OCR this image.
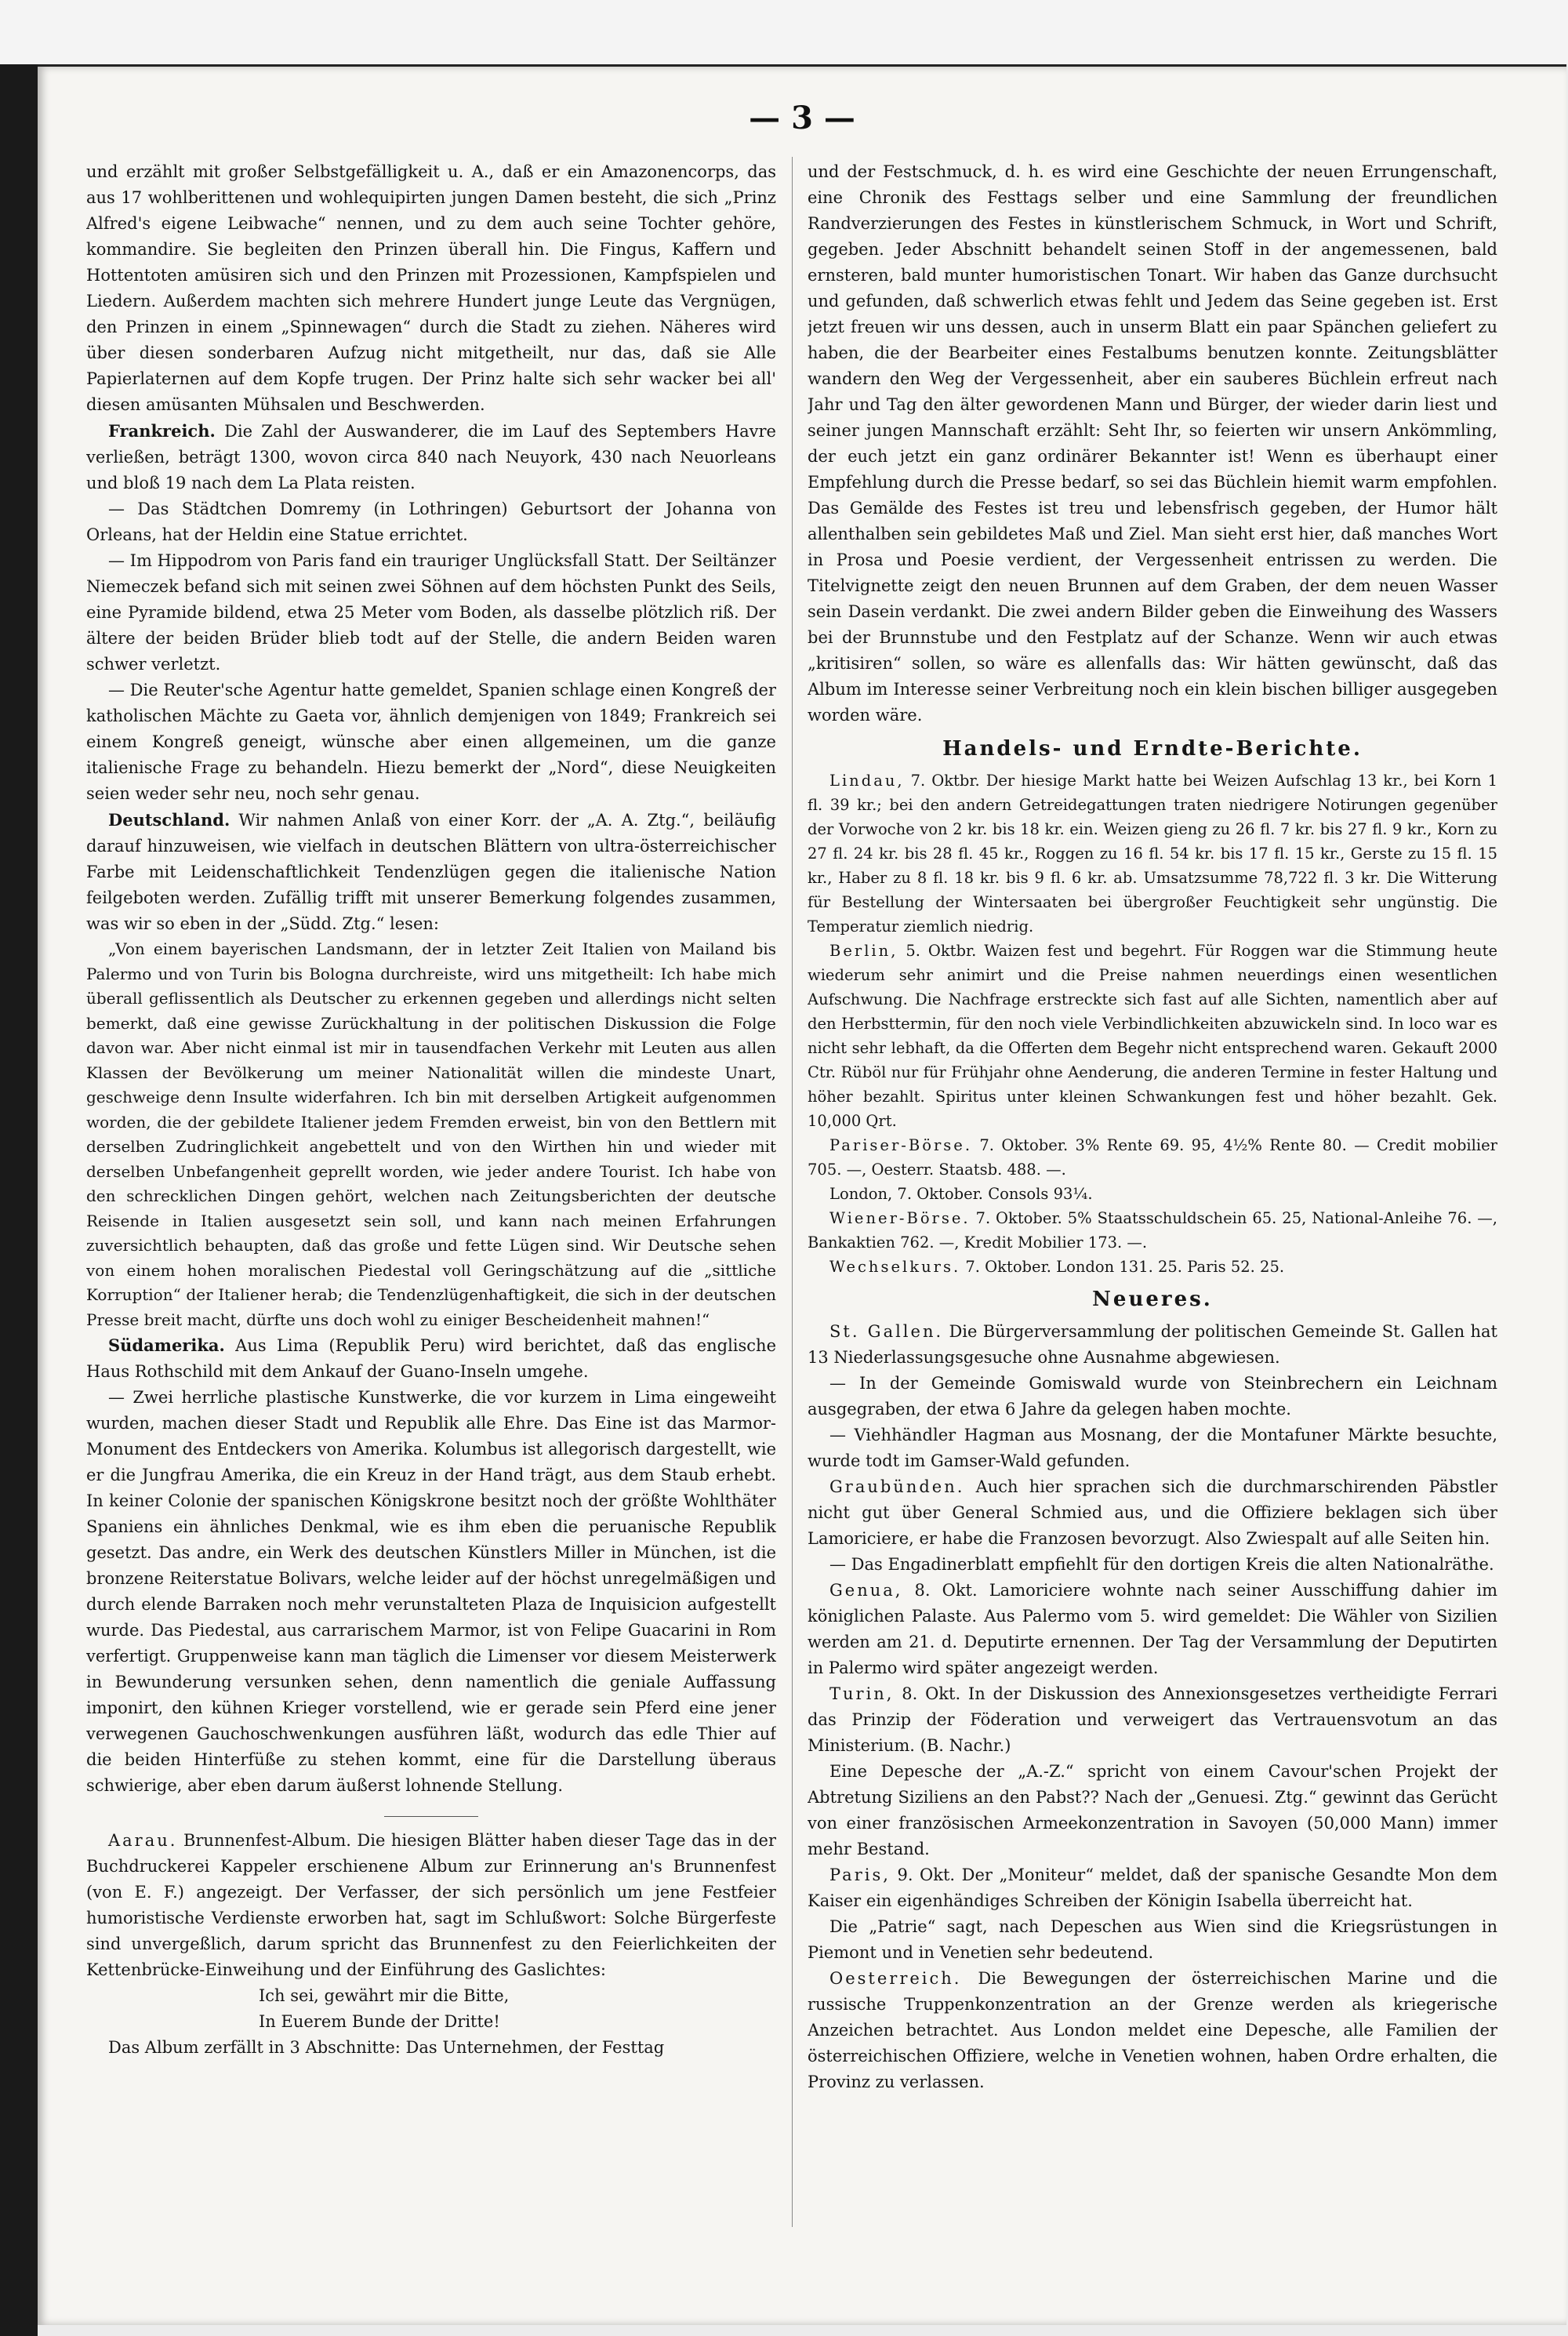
— 3 —

und erzählt mit großer Selbstgefälligkeit u. A., daß er ein Amazonencorps, das aus 17 wohlberittenen und wohlequipirten jungen Damen besteht, die sich „Prinz Alfred's eigene Leibwache“ nennen, und zu dem auch seine Tochter gehöre, kommandire. Sie begleiten den Prinzen überall hin. Die Fingus, Kaffern und Hottentoten amüsiren sich und den Prinzen mit Prozessionen, Kampfspielen und Liedern. Außerdem machten sich mehrere Hundert junge Leute das Vergnügen, den Prinzen in einem „Spinnewagen“ durch die Stadt zu ziehen. Näheres wird über diesen sonderbaren Aufzug nicht mitgetheilt, nur das, daß sie Alle Papierlaternen auf dem Kopfe trugen. Der Prinz halte sich sehr wacker bei all' diesen amüsanten Mühsalen und Beschwerden.

Frankreich. Die Zahl der Auswanderer, die im Lauf des Septembers Havre verließen, beträgt 1300, wovon circa 840 nach Neuyork, 430 nach Neuorleans und bloß 19 nach dem La Plata reisten.

— Das Städtchen Domremy (in Lothringen) Geburtsort der Johanna von Orleans, hat der Heldin eine Statue errichtet.

— Im Hippodrom von Paris fand ein trauriger Unglücksfall Statt. Der Seiltänzer Niemeczek befand sich mit seinen zwei Söhnen auf dem höchsten Punkt des Seils, eine Pyramide bildend, etwa 25 Meter vom Boden, als dasselbe plötzlich riß. Der ältere der beiden Brüder blieb todt auf der Stelle, die andern Beiden waren schwer verletzt.

— Die Reuter'sche Agentur hatte gemeldet, Spanien schlage einen Kongreß der katholischen Mächte zu Gaeta vor, ähnlich demjenigen von 1849; Frankreich sei einem Kongreß geneigt, wünsche aber einen allgemeinen, um die ganze italienische Frage zu behandeln. Hiezu bemerkt der „Nord“, diese Neuigkeiten seien weder sehr neu, noch sehr genau.

Deutschland. Wir nahmen Anlaß von einer Korr. der „A. A. Ztg.“, beiläufig darauf hinzuweisen, wie vielfach in deutschen Blättern von ultra-österreichischer Farbe mit Leidenschaftlichkeit Tendenzlügen gegen die italienische Nation feilgeboten werden. Zufällig trifft mit unserer Bemerkung folgendes zusammen, was wir so eben in der „Südd. Ztg.“ lesen:

„Von einem bayerischen Landsmann, der in letzter Zeit Italien von Mailand bis Palermo und von Turin bis Bologna durchreiste, wird uns mitgetheilt: Ich habe mich überall geflissentlich als Deutscher zu erkennen gegeben und allerdings nicht selten bemerkt, daß eine gewisse Zurückhaltung in der politischen Diskussion die Folge davon war. Aber nicht einmal ist mir in tausendfachen Verkehr mit Leuten aus allen Klassen der Bevölkerung um meiner Nationalität willen die mindeste Unart, geschweige denn Insulte widerfahren. Ich bin mit derselben Artigkeit aufgenommen worden, die der gebildete Italiener jedem Fremden erweist, bin von den Bettlern mit derselben Zudringlichkeit angebettelt und von den Wirthen hin und wieder mit derselben Unbefangenheit geprellt worden, wie jeder andere Tourist. Ich habe von den schrecklichen Dingen gehört, welchen nach Zeitungsberichten der deutsche Reisende in Italien ausgesetzt sein soll, und kann nach meinen Erfahrungen zuversichtlich behaupten, daß das große und fette Lügen sind. Wir Deutsche sehen von einem hohen moralischen Piedestal voll Geringschätzung auf die „sittliche Korruption“ der Italiener herab; die Tendenzlügenhaftigkeit, die sich in der deutschen Presse breit macht, dürfte uns doch wohl zu einiger Bescheidenheit mahnen!“

Südamerika. Aus Lima (Republik Peru) wird berichtet, daß das englische Haus Rothschild mit dem Ankauf der Guano-Inseln umgehe.

— Zwei herrliche plastische Kunstwerke, die vor kurzem in Lima eingeweiht wurden, machen dieser Stadt und Republik alle Ehre. Das Eine ist das Marmor-Monument des Entdeckers von Amerika. Kolumbus ist allegorisch dargestellt, wie er die Jungfrau Amerika, die ein Kreuz in der Hand trägt, aus dem Staub erhebt. In keiner Colonie der spanischen Königskrone besitzt noch der größte Wohlthäter Spaniens ein ähnliches Denkmal, wie es ihm eben die peruanische Republik gesetzt. Das andre, ein Werk des deutschen Künstlers Miller in München, ist die bronzene Reiterstatue Bolivars, welche leider auf der höchst unregelmäßigen und durch elende Barraken noch mehr verunstalteten Plaza de Inquisicion aufgestellt wurde. Das Piedestal, aus carrarischem Marmor, ist von Felipe Guacarini in Rom verfertigt. Gruppenweise kann man täglich die Limenser vor diesem Meisterwerk in Bewunderung versunken sehen, denn namentlich die geniale Auffassung imponirt, den kühnen Krieger vorstellend, wie er gerade sein Pferd eine jener verwegenen Gauchoschwenkungen ausführen läßt, wodurch das edle Thier auf die beiden Hinterfüße zu stehen kommt, eine für die Darstellung überaus schwierige, aber eben darum äußerst lohnende Stellung.

Aarau. Brunnenfest-Album. Die hiesigen Blätter haben dieser Tage das in der Buchdruckerei Kappeler erschienene Album zur Erinnerung an's Brunnenfest (von E. F.) angezeigt. Der Verfasser, der sich persönlich um jene Festfeier humoristische Verdienste erworben hat, sagt im Schlußwort: Solche Bürgerfeste sind unvergeßlich, darum spricht das Brunnenfest zu den Feierlichkeiten der Kettenbrücke-Einweihung und der Einführung des Gaslichtes:

Ich sei, gewährt mir die Bitte,

In Euerem Bunde der Dritte!

Das Album zerfällt in 3 Abschnitte: Das Unternehmen, der Festtag

und der Festschmuck, d. h. es wird eine Geschichte der neuen Errungenschaft, eine Chronik des Festtags selber und eine Sammlung der freundlichen Randverzierungen des Festes in künstlerischem Schmuck, in Wort und Schrift, gegeben. Jeder Abschnitt behandelt seinen Stoff in der angemessenen, bald ernsteren, bald munter humoristischen Tonart. Wir haben das Ganze durchsucht und gefunden, daß schwerlich etwas fehlt und Jedem das Seine gegeben ist. Erst jetzt freuen wir uns dessen, auch in unserm Blatt ein paar Spänchen geliefert zu haben, die der Bearbeiter eines Festalbums benutzen konnte. Zeitungsblätter wandern den Weg der Vergessenheit, aber ein sauberes Büchlein erfreut nach Jahr und Tag den älter gewordenen Mann und Bürger, der wieder darin liest und seiner jungen Mannschaft erzählt: Seht Ihr, so feierten wir unsern Ankömmling, der euch jetzt ein ganz ordinärer Bekannter ist! Wenn es überhaupt einer Empfehlung durch die Presse bedarf, so sei das Büchlein hiemit warm empfohlen. Das Gemälde des Festes ist treu und lebensfrisch gegeben, der Humor hält allenthalben sein gebildetes Maß und Ziel. Man sieht erst hier, daß manches Wort in Prosa und Poesie verdient, der Vergessenheit entrissen zu werden. Die Titelvignette zeigt den neuen Brunnen auf dem Graben, der dem neuen Wasser sein Dasein verdankt. Die zwei andern Bilder geben die Einweihung des Wassers bei der Brunnstube und den Festplatz auf der Schanze. Wenn wir auch etwas „kritisiren“ sollen, so wäre es allenfalls das: Wir hätten gewünscht, daß das Album im Interesse seiner Verbreitung noch ein klein bischen billiger ausgegeben worden wäre.

Handels- und Erndte-Berichte.

Lindau, 7. Oktbr. Der hiesige Markt hatte bei Weizen Aufschlag 13 kr., bei Korn 1 fl. 39 kr.; bei den andern Getreidegattungen traten niedrigere Notirungen gegenüber der Vorwoche von 2 kr. bis 18 kr. ein. Weizen gieng zu 26 fl. 7 kr. bis 27 fl. 9 kr., Korn zu 27 fl. 24 kr. bis 28 fl. 45 kr., Roggen zu 16 fl. 54 kr. bis 17 fl. 15 kr., Gerste zu 15 fl. 15 kr., Haber zu 8 fl. 18 kr. bis 9 fl. 6 kr. ab. Umsatzsumme 78,722 fl. 3 kr. Die Witterung für Bestellung der Wintersaaten bei übergroßer Feuchtigkeit sehr ungünstig. Die Temperatur ziemlich niedrig.

Berlin, 5. Oktbr. Waizen fest und begehrt. Für Roggen war die Stimmung heute wiederum sehr animirt und die Preise nahmen neuerdings einen wesentlichen Aufschwung. Die Nachfrage erstreckte sich fast auf alle Sichten, namentlich aber auf den Herbsttermin, für den noch viele Verbindlichkeiten abzuwickeln sind. In loco war es nicht sehr lebhaft, da die Offerten dem Begehr nicht entsprechend waren. Gekauft 2000 Ctr. Rüböl nur für Frühjahr ohne Aenderung, die anderen Termine in fester Haltung und höher bezahlt. Spiritus unter kleinen Schwankungen fest und höher bezahlt. Gek. 10,000 Qrt.

Pariser-Börse. 7. Oktober. 3% Rente 69. 95, 4½% Rente 80. — Credit mobilier 705. —, Oesterr. Staatsb. 488. —.

London, 7. Oktober. Consols 93¼.

Wiener-Börse. 7. Oktober. 5% Staatsschuldschein 65. 25, National-Anleihe 76. —, Bankaktien 762. —, Kredit Mobilier 173. —.

Wechselkurs. 7. Oktober. London 131. 25. Paris 52. 25.

Neueres.

St. Gallen. Die Bürgerversammlung der politischen Gemeinde St. Gallen hat 13 Niederlassungsgesuche ohne Ausnahme abgewiesen.

— In der Gemeinde Gomiswald wurde von Steinbrechern ein Leichnam ausgegraben, der etwa 6 Jahre da gelegen haben mochte.

— Viehhändler Hagman aus Mosnang, der die Montafuner Märkte besuchte, wurde todt im Gamser-Wald gefunden.

Graubünden. Auch hier sprachen sich die durchmarschirenden Päbstler nicht gut über General Schmied aus, und die Offiziere beklagen sich über Lamoriciere, er habe die Franzosen bevorzugt. Also Zwiespalt auf alle Seiten hin.

— Das Engadinerblatt empfiehlt für den dortigen Kreis die alten Nationalräthe.

Genua, 8. Okt. Lamoriciere wohnte nach seiner Ausschiffung dahier im königlichen Palaste. Aus Palermo vom 5. wird gemeldet: Die Wähler von Sizilien werden am 21. d. Deputirte ernennen. Der Tag der Versammlung der Deputirten in Palermo wird später angezeigt werden.

Turin, 8. Okt. In der Diskussion des Annexionsgesetzes vertheidigte Ferrari das Prinzip der Föderation und verweigert das Vertrauensvotum an das Ministerium. (B. Nachr.)

Eine Depesche der „A.-Z.“ spricht von einem Cavour'schen Projekt der Abtretung Siziliens an den Pabst?? Nach der „Genuesi. Ztg.“ gewinnt das Gerücht von einer französischen Armeekonzentration in Savoyen (50,000 Mann) immer mehr Bestand.

Paris, 9. Okt. Der „Moniteur“ meldet, daß der spanische Gesandte Mon dem Kaiser ein eigenhändiges Schreiben der Königin Isabella überreicht hat.

Die „Patrie“ sagt, nach Depeschen aus Wien sind die Kriegsrüstungen in Piemont und in Venetien sehr bedeutend.

Oesterreich. Die Bewegungen der österreichischen Marine und die russische Truppenkonzentration an der Grenze werden als kriegerische Anzeichen betrachtet. Aus London meldet eine Depesche, alle Familien der österreichischen Offiziere, welche in Venetien wohnen, haben Ordre erhalten, die Provinz zu verlassen.
